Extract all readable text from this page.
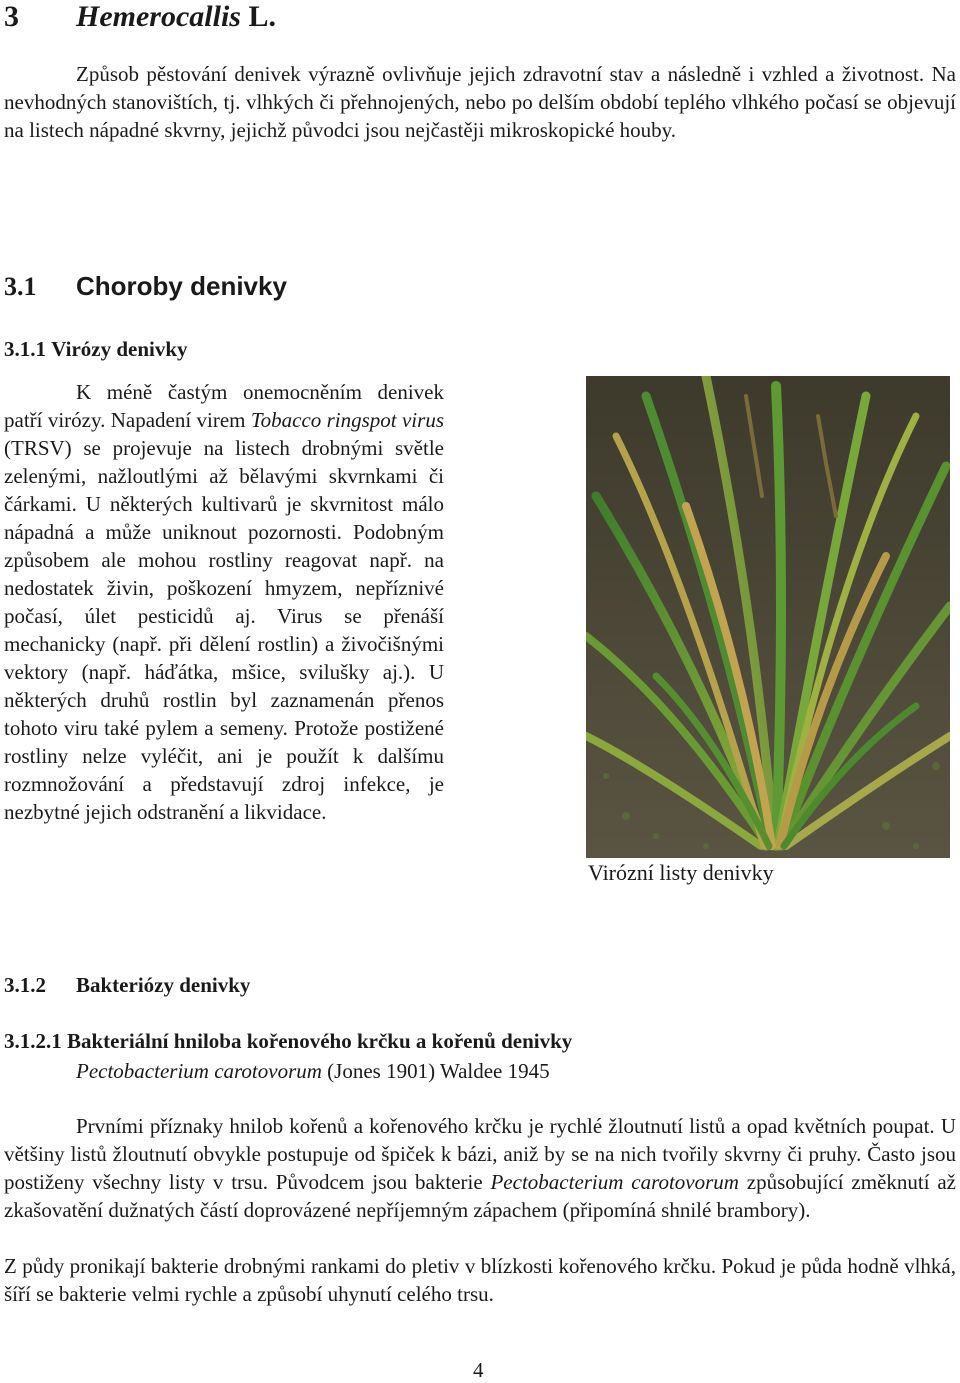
3 Hemerocallis L.
Způsob pěstování denivek výrazně ovlivňuje jejich zdravotní stav a následně i vzhled a životnost. Na nevhodných stanovištích, tj. vlhkých či přehnojených, nebo po delším období teplého vlhkého počasí se objevují na listech nápadné skvrny, jejichž původci jsou nejčastěji mikroskopické houby.
3.1 Choroby denivky
3.1.1 Virózy denivky
K méně častým onemocněním denivek patří virózy. Napadení virem Tobacco ringspot virus (TRSV) se projevuje na listech drobnými světle zelenými, nažloutlými až bělavými skvrnkami či čárkami. U některých kultivarů je skvrnitost málo nápadná a může uniknout pozornosti. Podobným způsobem ale mohou rostliny reagovat např. na nedostatek živin, poškození hmyzem, nepříznivé počasí, úlet pesticidů aj. Virus se přenáší mechanicky (např. při dělení rostlin) a živočišnými vektory (např. háďátka, mšice, svilušky aj.). U některých druhů rostlin byl zaznamenán přenos tohoto viru také pylem a semeny. Protože postižené rostliny nelze vyléčit, ani je použít k dalšímu rozmnožování a představují zdroj infekce, je nezbytné jejich odstranění a likvidace.
Virózní listy denivky
3.1.2 Bakteriózy denivky
3.1.2.1 Bakteriální hniloba kořenového krčku a kořenů denivky
Pectobacterium carotovorum (Jones 1901) Waldee 1945
Prvními příznaky hnilob kořenů a kořenového krčku je rychlé žloutnutí listů a opad květních poupat. U většiny listů žloutnutí obvykle postupuje od špiček k bázi, aniž by se na nich tvořily skvrny či pruhy. Často jsou postiženy všechny listy v trsu. Původcem jsou bakterie Pectobacterium carotovorum způsobující změknutí až zkašovatění dužnatých částí doprovázené nepříjemným zápachem (připomíná shnilé brambory).
Z půdy pronikají bakterie drobnými rankami do pletiv v blízkosti kořenového krčku. Pokud je půda hodně vlhká, šíří se bakterie velmi rychle a způsobí uhynutí celého trsu.
4
